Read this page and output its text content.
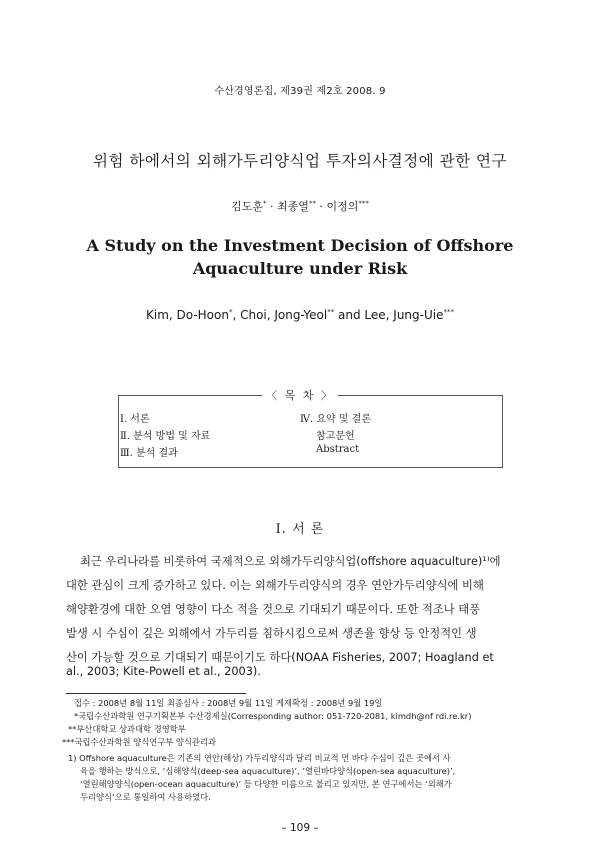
수산경영론집, 제39권 제2호 2008. 9
위험 하에서의 외해가두리양식업 투자의사결정에 관한 연구
김도훈* · 최종열** · 이정의***
A Study on the Investment Decision of Offshore
Aquaculture under Risk
Kim, Do-Hoon*, Choi, Jong-Yeol** and Lee, Jung-Uie***
〈 목 차 〉
Ⅰ. 서론
Ⅱ. 분석 방법 및 자료
Ⅲ. 분석 결과
Ⅳ. 요약 및 결론
참고문헌
Abstract
Ⅰ. 서 론
최근 우리나라를 비롯하여 국제적으로 외해가두리양식업(offshore aquaculture)¹⁾에
대한 관심이 크게 증가하고 있다. 이는 외해가두리양식의 경우 연안가두리양식에 비해
해양환경에 대한 오염 영향이 다소 적을 것으로 기대되기 때문이다. 또한 적조나 태풍
발생 시 수심이 깊은 외해에서 가두리를 침하시킴으로써 생존율 향상 등 안정적인 생
산이 가능할 것으로 기대되기 때문이기도 하다(NOAA Fisheries, 2007; Hoagland et
al., 2003; Kite-Powell et al., 2003).
접수 : 2008년 8월 11일 최종심사 : 2008년 9월 11일 게재확정 : 2008년 9월 19일
*국립수산과학원 연구기획본부 수산경제실(Corresponding author: 051-720-2081, kimdh@nf rdi.re.kr)
**부산대학교 상과대학 경영학부
***국립수산과학원 양식연구부 양식관리과
1) Offshore aquaculture은 기존의 연안(해상) 가두리양식과 달리 비교적 먼 바다 수심이 깊은 곳에서 사
육을 행하는 방식으로, ‘심해양식(deep-sea aquaculture)’, ‘열린바다양식(open-sea aquaculture)’,
‘열린해양양식(open-ocean aquaculture)’ 등 다양한 이름으로 불리고 있지만, 본 연구에서는 ‘외해가
두리양식’으로 통일하여 사용하였다.
– 109 –
